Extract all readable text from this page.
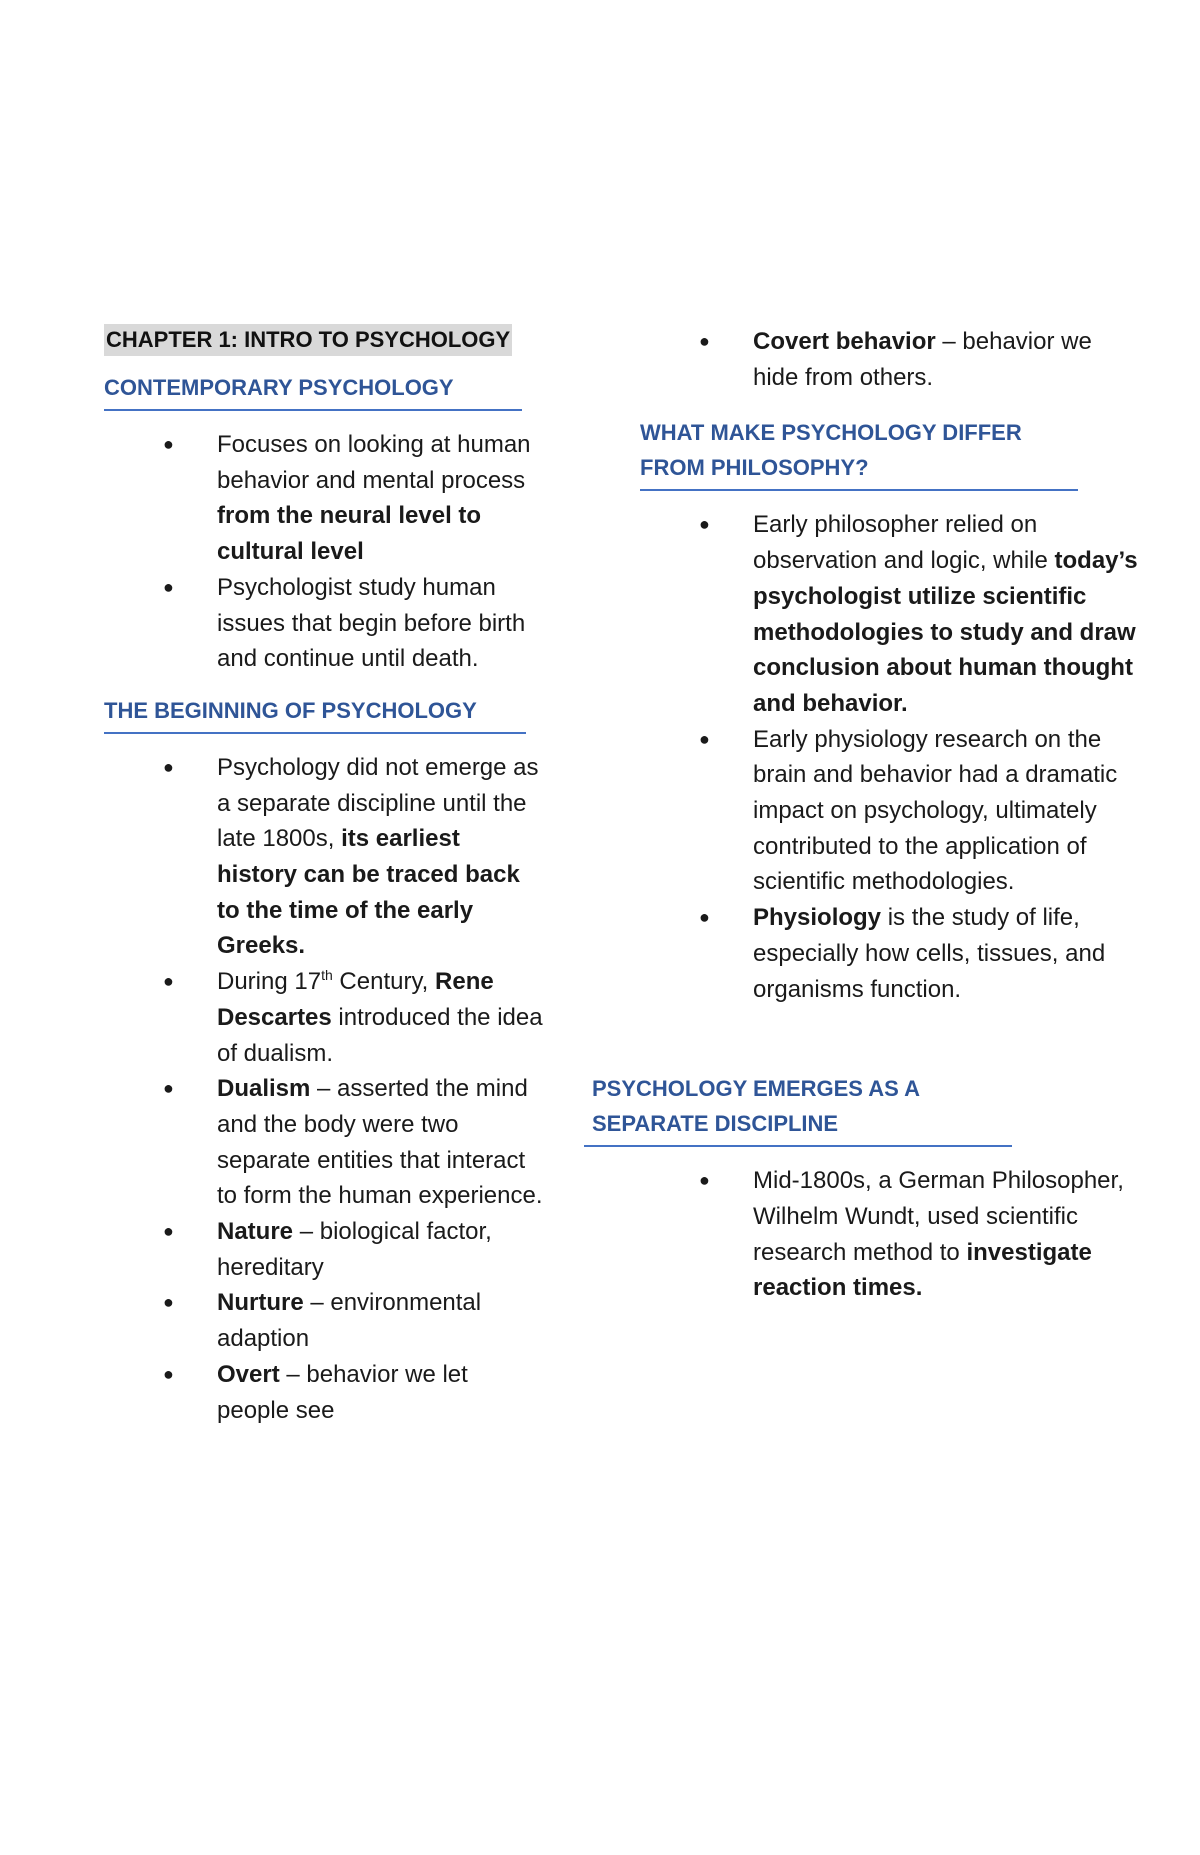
CHAPTER 1: INTRO TO PSYCHOLOGY
CONTEMPORARY PSYCHOLOGY
● Focuses on looking at human behavior and mental process from the neural level to cultural level
● Psychologist study human issues that begin before birth and continue until death.
THE BEGINNING OF PSYCHOLOGY
● Psychology did not emerge as a separate discipline until the late 1800s, its earliest history can be traced back to the time of the early Greeks.
● During 17th Century, Rene Descartes introduced the idea of dualism.
● Dualism – asserted the mind and the body were two separate entities that interact to form the human experience.
● Nature – biological factor, hereditary
● Nurture – environmental adaption
● Overt – behavior we let people see
● Covert behavior – behavior we hide from others.
WHAT MAKE PSYCHOLOGY DIFFER FROM PHILOSOPHY?
● Early philosopher relied on observation and logic, while today’s psychologist utilize scientific methodologies to study and draw conclusion about human thought and behavior.
● Early physiology research on the brain and behavior had a dramatic impact on psychology, ultimately contributed to the application of scientific methodologies.
● Physiology is the study of life, especially how cells, tissues, and organisms function.
PSYCHOLOGY EMERGES AS A SEPARATE DISCIPLINE
● Mid-1800s, a German Philosopher, Wilhelm Wundt, used scientific research method to investigate reaction times.
